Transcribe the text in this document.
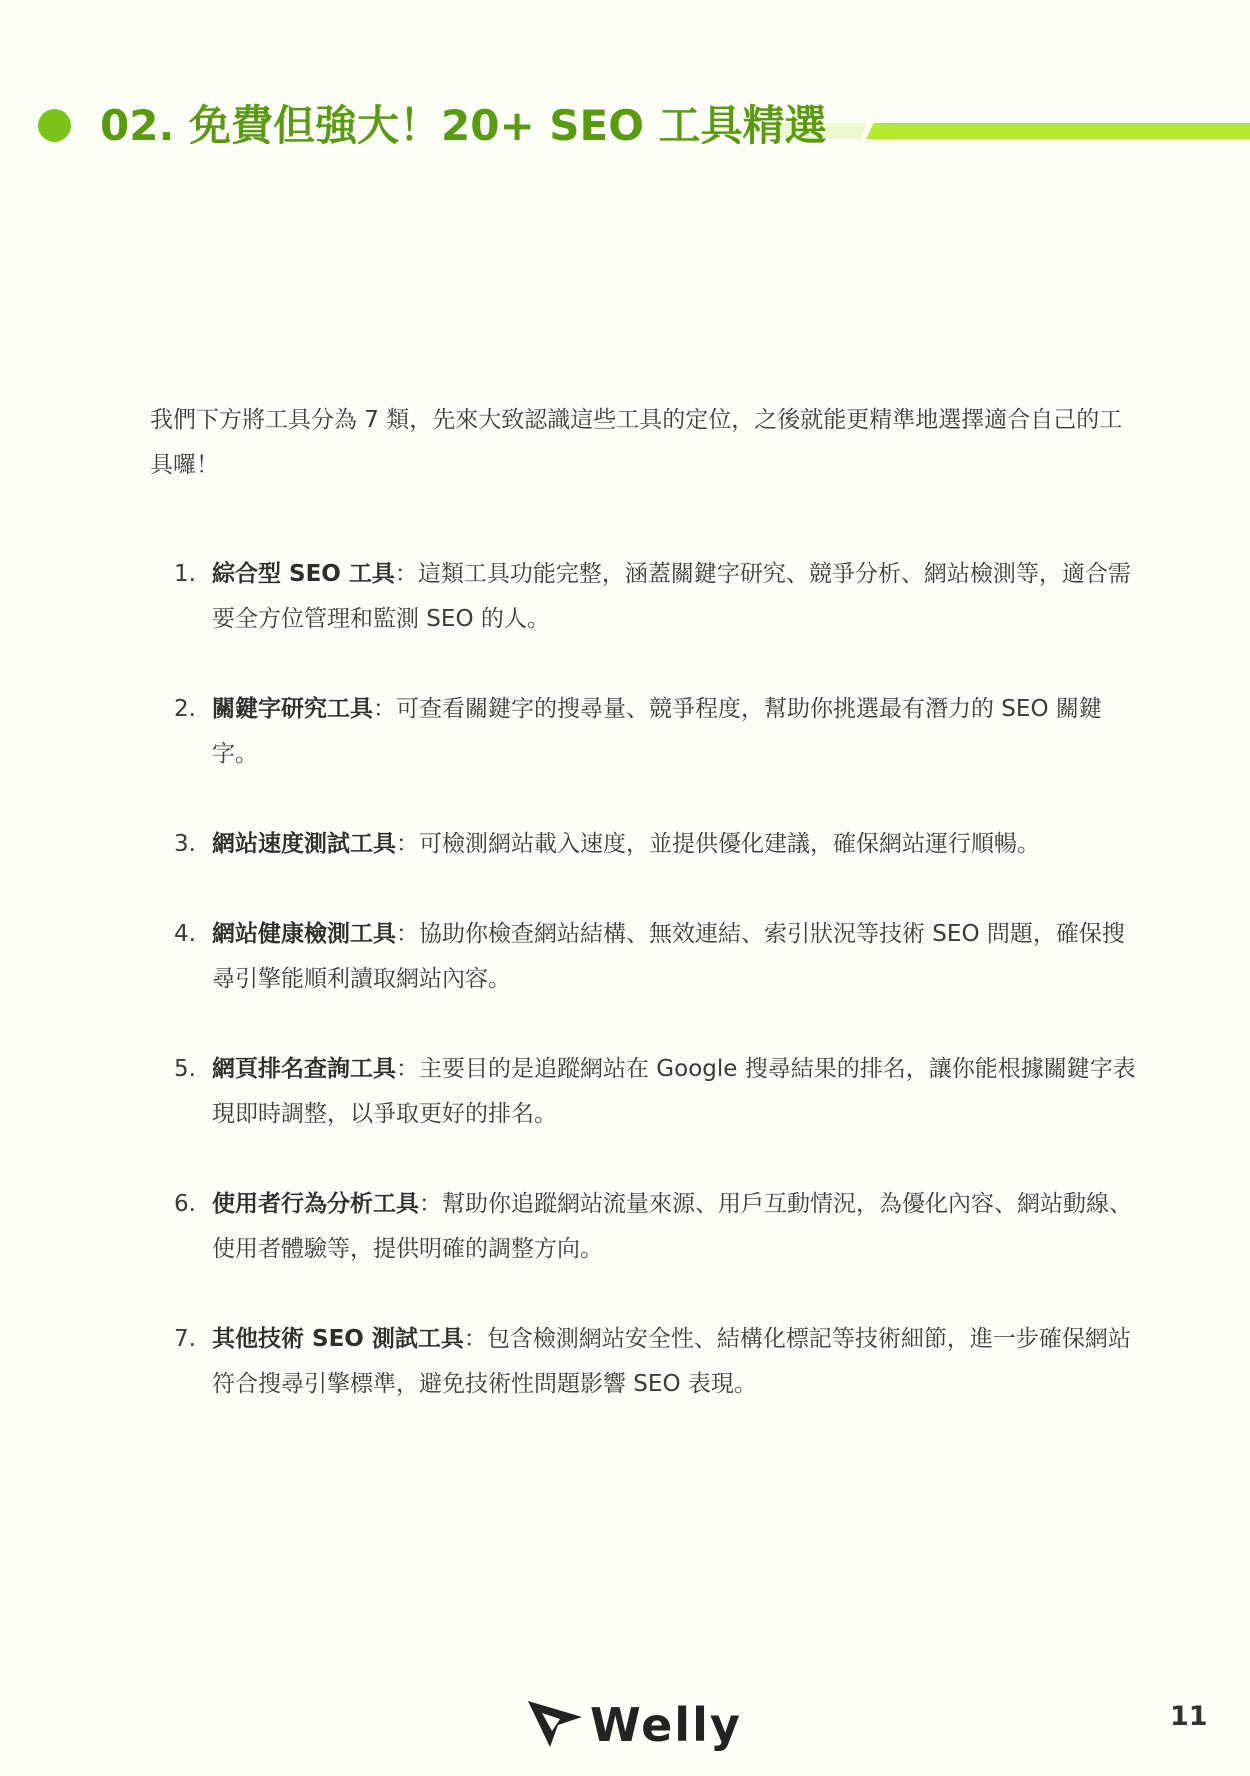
02. 免費但強大！20+ SEO 工具精選

我們下方將工具分為 7 類，先來大致認識這些工具的定位，之後就能更精準地選擇適合自己的工具囉！

1. 綜合型 SEO 工具：這類工具功能完整，涵蓋關鍵字研究、競爭分析、網站檢測等，適合需要全方位管理和監測 SEO 的人。
2. 關鍵字研究工具：可查看關鍵字的搜尋量、競爭程度，幫助你挑選最有潛力的 SEO 關鍵字。
3. 網站速度測試工具：可檢測網站載入速度，並提供優化建議，確保網站運行順暢。
4. 網站健康檢測工具：協助你檢查網站結構、無效連結、索引狀況等技術 SEO 問題，確保搜尋引擎能順利讀取網站內容。
5. 網頁排名查詢工具：主要目的是追蹤網站在 Google 搜尋結果的排名，讓你能根據關鍵字表現即時調整，以爭取更好的排名。
6. 使用者行為分析工具：幫助你追蹤網站流量來源、用戶互動情況，為優化內容、網站動線、使用者體驗等，提供明確的調整方向。
7. 其他技術 SEO 測試工具：包含檢測網站安全性、結構化標記等技術細節，進一步確保網站符合搜尋引擎標準，避免技術性問題影響 SEO 表現。
Welly	11
